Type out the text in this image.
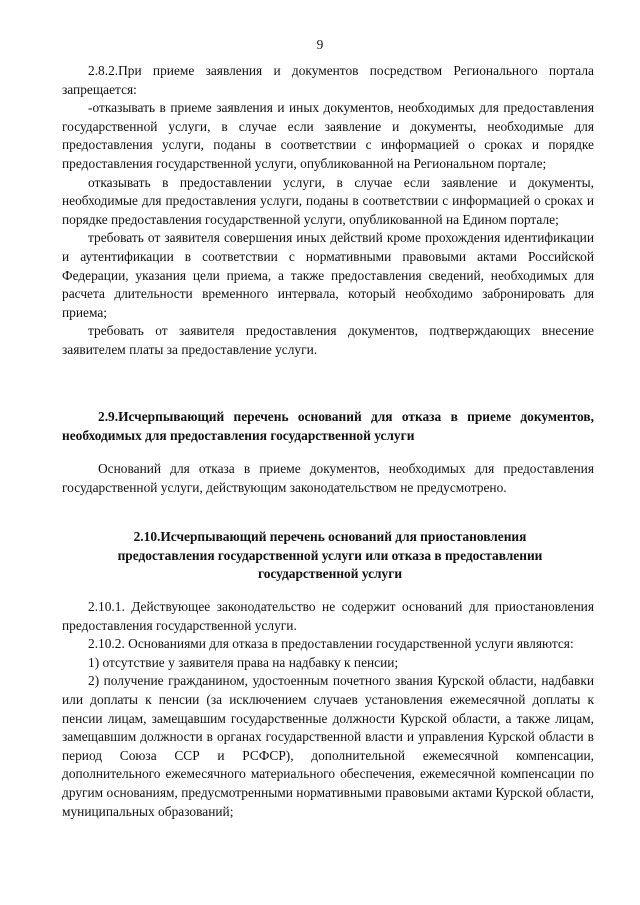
9

2.8.2.При приеме заявления и документов посредством Регионального портала запрещается:

-отказывать в приеме заявления и иных документов, необходимых для предоставления государственной услуги, в случае если заявление и документы, необходимые для предоставления услуги, поданы в соответствии с информацией о сроках и порядке предоставления государственной услуги, опубликованной на Региональном портале;

отказывать в предоставлении услуги, в случае если заявление и документы, необходимые для предоставления услуги, поданы в соответствии с информацией о сроках и порядке предоставления государственной услуги, опубликованной на Едином портале;

требовать от заявителя совершения иных действий кроме прохождения идентификации и аутентификации в соответствии с нормативными правовыми актами Российской Федерации, указания цели приема, а также предоставления сведений, необходимых для расчета длительности временного интервала, который необходимо забронировать для приема;

требовать от заявителя предоставления документов, подтверждающих внесение заявителем платы за предоставление услуги.

2.9.Исчерпывающий перечень оснований для отказа в приеме документов, необходимых для предоставления государственной услуги

Оснований для отказа в приеме документов, необходимых для предоставления государственной услуги, действующим законодательством не предусмотрено.

2.10.Исчерпывающий перечень оснований для приостановления предоставления государственной услуги или отказа в предоставлении государственной услуги

2.10.1. Действующее законодательство не содержит оснований для приостановления предоставления государственной услуги.

2.10.2. Основаниями для отказа в предоставлении государственной услуги являются:

1) отсутствие у заявителя права на надбавку к пенсии;

2) получение гражданином, удостоенным почетного звания Курской области, надбавки или доплаты к пенсии (за исключением случаев установления ежемесячной доплаты к пенсии лицам, замещавшим государственные должности Курской области, а также лицам, замещавшим должности в органах государственной власти и управления Курской области в период Союза ССР и РСФСР), дополнительной ежемесячной компенсации, дополнительного ежемесячного материального обеспечения, ежемесячной компенсации по другим основаниям, предусмотренными нормативными правовыми актами Курской области, муниципальных образований;
